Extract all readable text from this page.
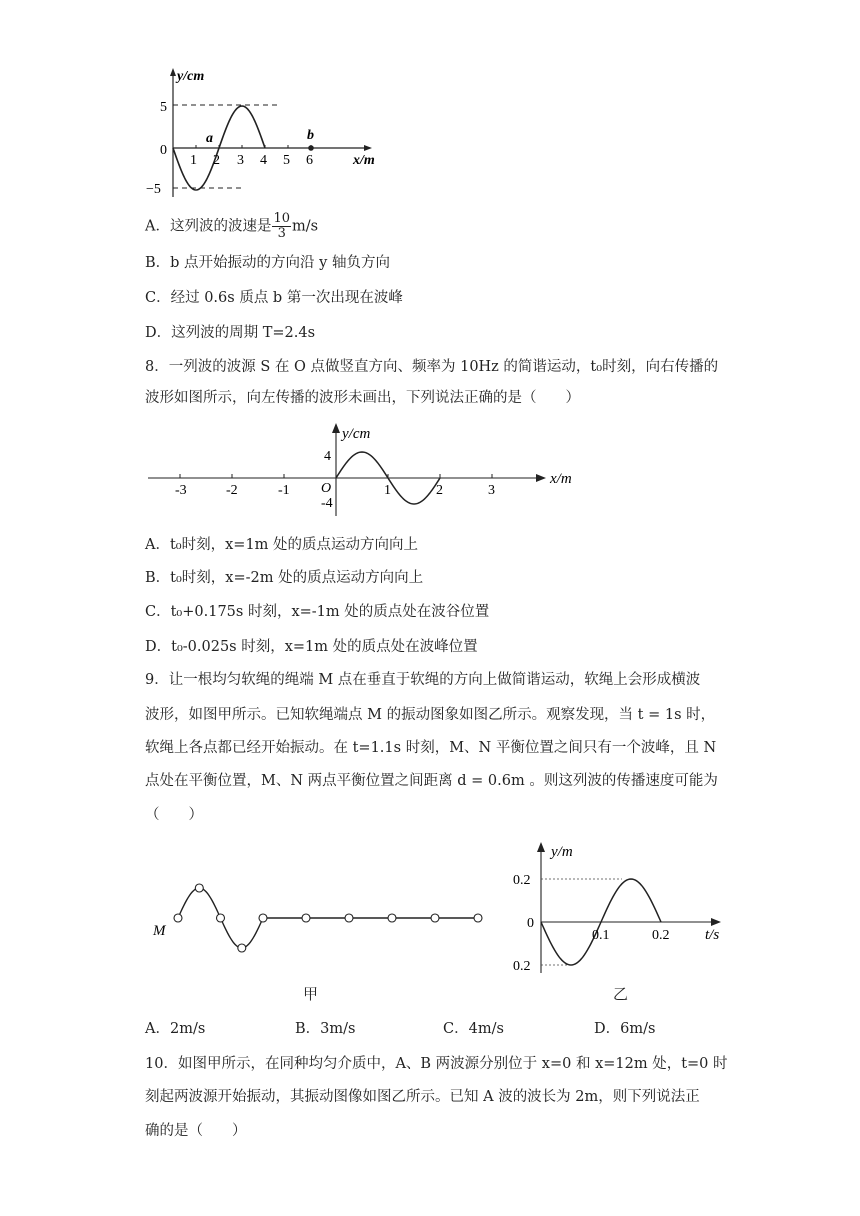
y/cm
x/m
5
0
−5
1 2 3 4 5 6
a	b
A．这列波的波速是 $\frac{10}{3} m/s$
B．b 点开始振动的方向沿 y 轴负方向
C．经过 0.6s 质点 b 第一次出现在波峰
D．这列波的周期 T=2.4s
8．一列波的波源 S 在 O 点做竖直方向、频率为 10Hz 的简谐运动，t₀时刻，向右传播的
波形如图所示，向左传播的波形未画出，下列说法正确的是（　　）
y/cm
x/m
O
4
-4
-3	-2	-1	1	2	3
A．t₀时刻，x=1m 处的质点运动方向向上
B．t₀时刻，x=-2m 处的质点运动方向向上
C．t₀+0.175s 时刻，x=-1m 处的质点处在波谷位置
D．t₀-0.025s 时刻，x=1m 处的质点处在波峰位置
9．让一根均匀软绳的绳端 M 点在垂直于软绳的方向上做简谐运动，软绳上会形成横波
波形，如图甲所示。已知软绳端点 M 的振动图象如图乙所示。观察发现，当 t = 1s 时，
软绳上各点都已经开始振动。在 t=1.1s 时刻，M、N 平衡位置之间只有一个波峰，且 N
点处在平衡位置，M、N 两点平衡位置之间距离 d = 0.6m 。则这列波的传播速度可能为
（　　）
M
甲
y/m
t/s
0.2
0
0.2
0.1	0.2
乙
A．2m/s	B．3m/s	C．4m/s	D．6m/s
10．如图甲所示，在同种均匀介质中，A、B 两波源分别位于 x=0 和 x=12m 处，t=0 时
刻起两波源开始振动，其振动图像如图乙所示。已知 A 波的波长为 2m，则下列说法正
确的是（　　）
